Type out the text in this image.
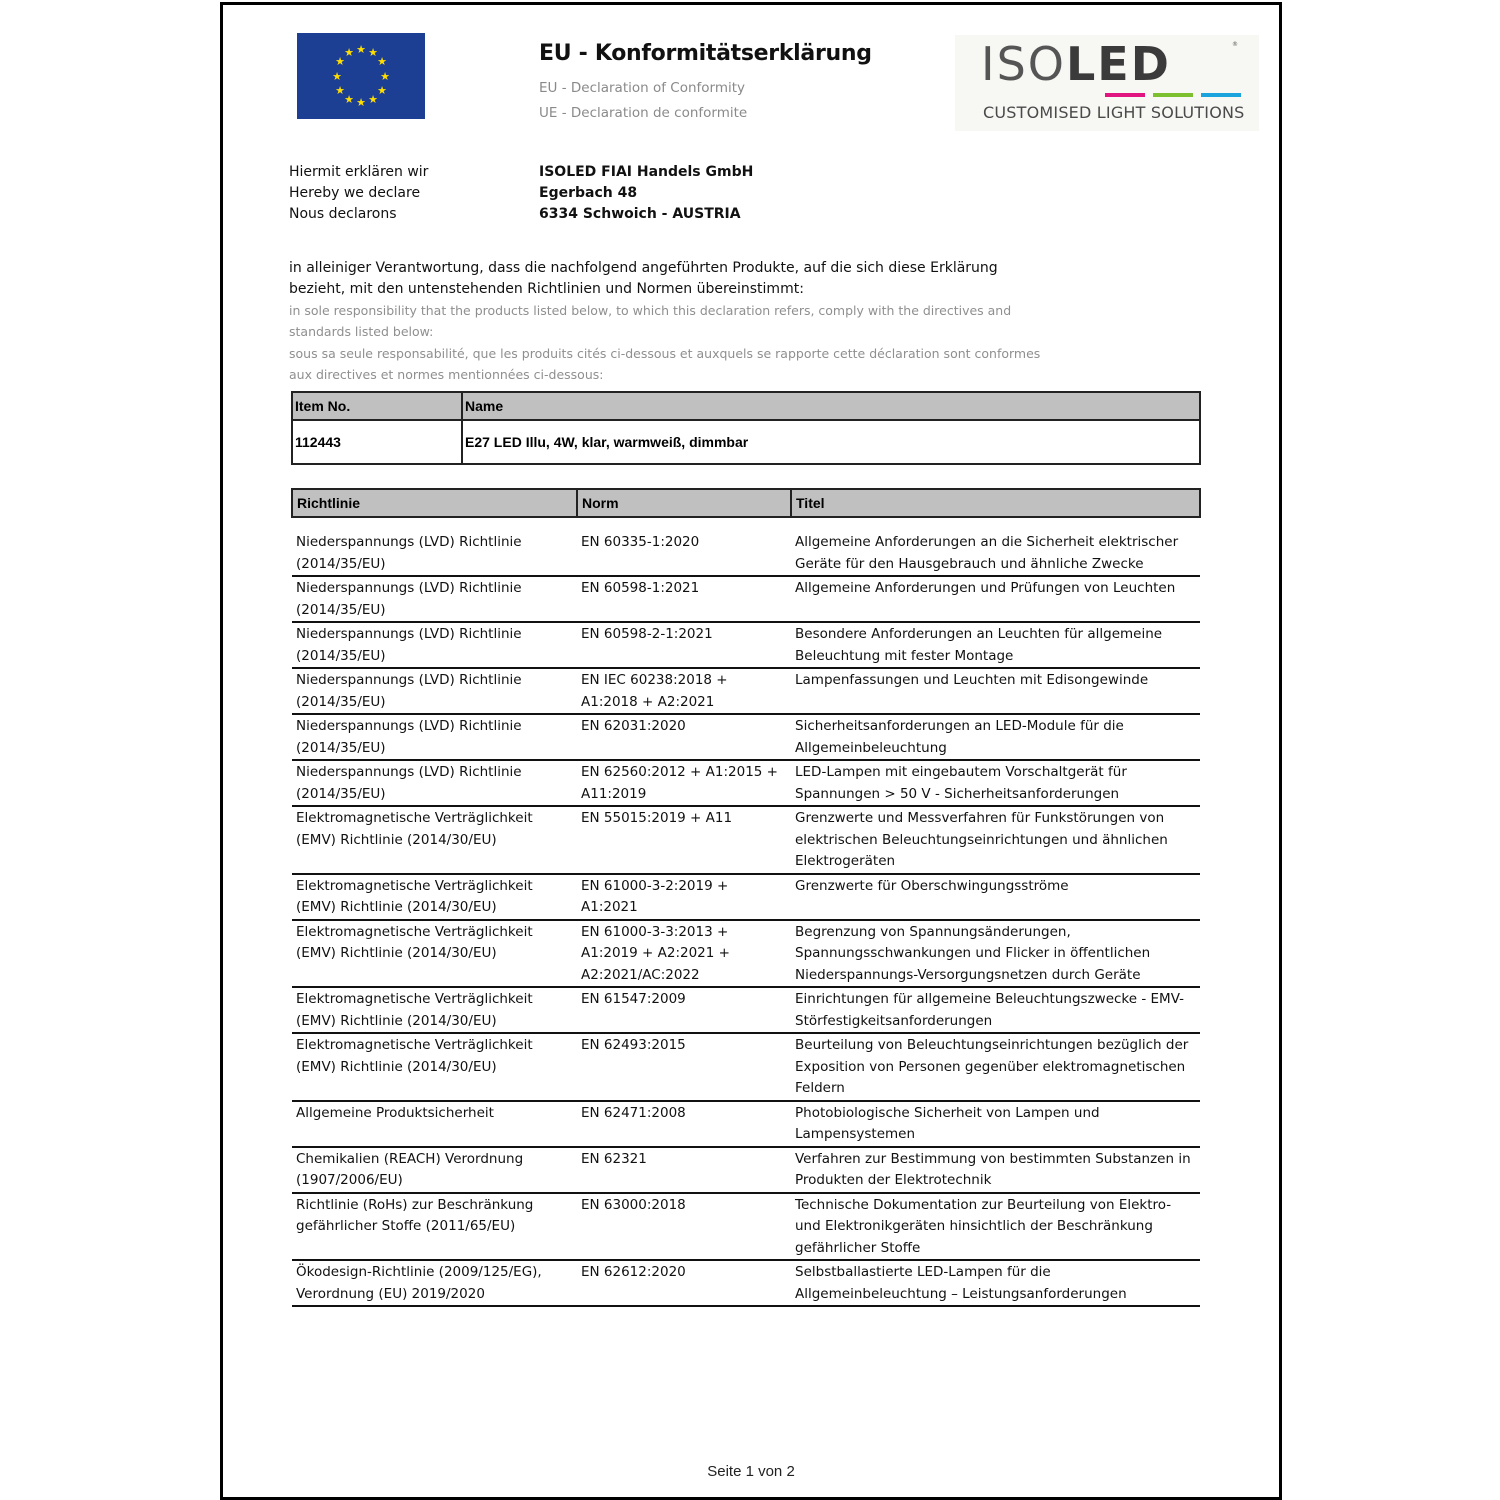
★ ★
★
★
★
★
★
★
★
★
★
★	EU - Konformitätserklärung
EU - Declaration of Conformity
UE - Declaration de conformite
ISOLED	®
CUSTOMISED LIGHT SOLUTIONS
Hiermit erklären wir
Hereby we declare
Nous declarons
ISOLED FIAI Handels GmbH
Egerbach 48
6334 Schwoich - AUSTRIA
in alleiniger Verantwortung, dass die nachfolgend angeführten Produkte, auf die sich diese Erklärung bezieht, mit den untenstehenden Richtlinien und Normen übereinstimmt:
in sole responsibility that the products listed below, to which this declaration refers, comply with the directives and standards listed below:
sous sa seule responsabilité, que les produits cités ci-dessous et auxquels se rapporte cette déclaration sont conformes aux directives et normes mentionnées ci-dessous:
Item No.	Name
112443	E27 LED Illu, 4W, klar, warmweiß, dimmbar
Richtlinie	Norm	Titel
Niederspannungs (LVD) Richtlinie (2014/35/EU)	EN 60335-1:2020	Allgemeine Anforderungen an die Sicherheit elektrischer Geräte für den Hausgebrauch und ähnliche Zwecke
Niederspannungs (LVD) Richtlinie (2014/35/EU)	EN 60598-1:2021	Allgemeine Anforderungen und Prüfungen von Leuchten
Niederspannungs (LVD) Richtlinie (2014/35/EU)	EN 60598-2-1:2021	Besondere Anforderungen an Leuchten für allgemeine Beleuchtung mit fester Montage
Niederspannungs (LVD) Richtlinie (2014/35/EU)	EN IEC 60238:2018 + A1:2018 + A2:2021	Lampenfassungen und Leuchten mit Edisongewinde
Niederspannungs (LVD) Richtlinie (2014/35/EU)	EN 62031:2020	Sicherheitsanforderungen an LED-Module für die Allgemeinbeleuchtung
Niederspannungs (LVD) Richtlinie (2014/35/EU)	EN 62560:2012 + A1:2015 + A11:2019	LED-Lampen mit eingebautem Vorschaltgerät für Spannungen > 50 V - Sicherheitsanforderungen
Elektromagnetische Verträglichkeit (EMV) Richtlinie (2014/30/EU)	EN 55015:2019 + A11	Grenzwerte und Messverfahren für Funkstörungen von elektrischen Beleuchtungseinrichtungen und ähnlichen Elektrogeräten
Elektromagnetische Verträglichkeit (EMV) Richtlinie (2014/30/EU)	EN 61000-3-2:2019 + A1:2021	Grenzwerte für Oberschwingungsströme
Elektromagnetische Verträglichkeit (EMV) Richtlinie (2014/30/EU)	EN 61000-3-3:2013 + A1:2019 + A2:2021 + A2:2021/AC:2022	Begrenzung von Spannungsänderungen, Spannungsschwankungen und Flicker in öffentlichen Niederspannungs-Versorgungsnetzen durch Geräte
Elektromagnetische Verträglichkeit (EMV) Richtlinie (2014/30/EU)	EN 61547:2009	Einrichtungen für allgemeine Beleuchtungszwecke - EMV-Störfestigkeitsanforderungen
Elektromagnetische Verträglichkeit (EMV) Richtlinie (2014/30/EU)	EN 62493:2015	Beurteilung von Beleuchtungseinrichtungen bezüglich der Exposition von Personen gegenüber elektromagnetischen Feldern
Allgemeine Produktsicherheit	EN 62471:2008	Photobiologische Sicherheit von Lampen und Lampensystemen
Chemikalien (REACH) Verordnung (1907/2006/EU)	EN 62321	Verfahren zur Bestimmung von bestimmten Substanzen in Produkten der Elektrotechnik
Richtlinie (RoHs) zur Beschränkung gefährlicher Stoffe (2011/65/EU)	EN 63000:2018	Technische Dokumentation zur Beurteilung von Elektro- und Elektronikgeräten hinsichtlich der Beschränkung gefährlicher Stoffe
Ökodesign-Richtlinie (2009/125/EG), Verordnung (EU) 2019/2020	EN 62612:2020	Selbstballastierte LED-Lampen für die Allgemeinbeleuchtung – Leistungsanforderungen
Seite 1 von 2
